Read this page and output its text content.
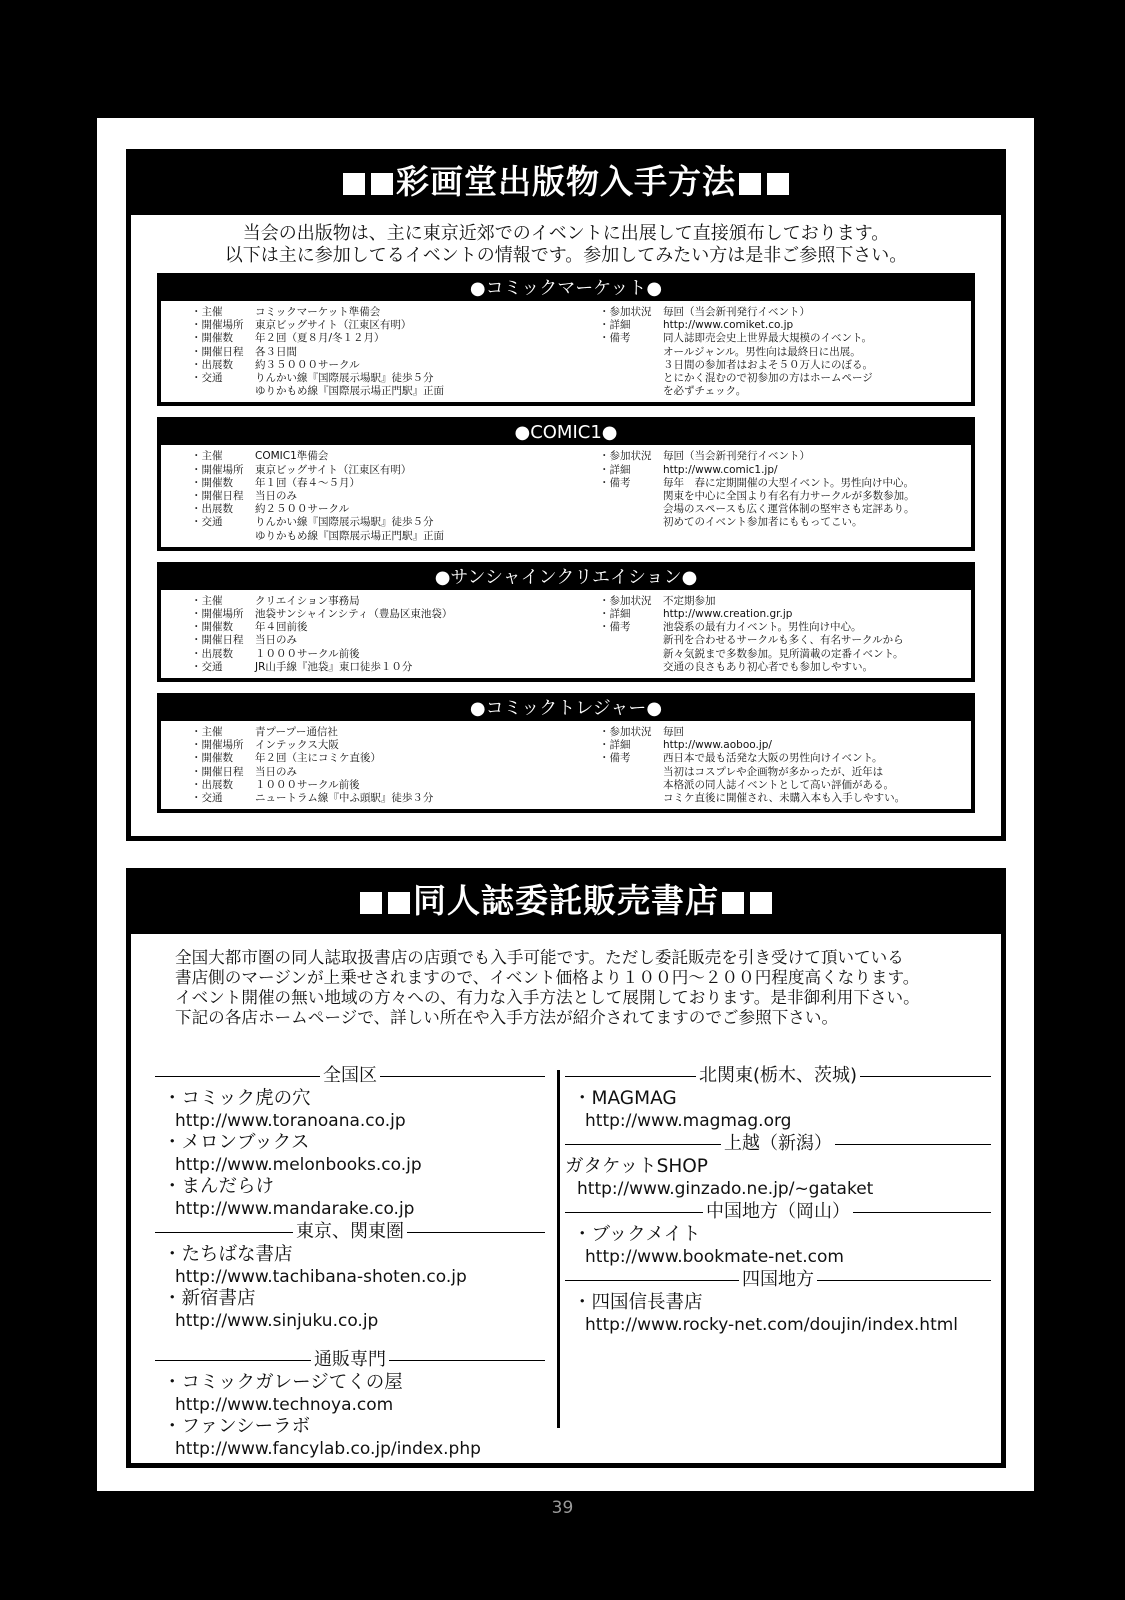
彩画堂出版物入手方法
当会の出版物は、主に東京近郊でのイベントに出展して直接頒布しております。
以下は主に参加してるイベントの情報です。参加してみたい方は是非ご参照下さい。
●コミックマーケット●
・ 主催	コミックマーケット準備会
・ 開催場所	東京ビッグサイト（江東区有明）
・ 開催数	年２回（夏８月/冬１２月）
・ 開催日程	各３日間
・ 出展数	約３５０００サークル
・ 交通	りんかい線『国際展示場駅』徒歩５分
ゆりかもめ線『国際展示場正門駅』正面
・ 参加状況	毎回（当会新刊発行イベント）
・ 詳細	http://www.comiket.co.jp
・ 備考	同人誌即売会史上世界最大規模のイベント。
オールジャンル。男性向は最終日に出展。
３日間の参加者はおよそ５０万人にのぼる。
とにかく混むので初参加の方はホームページ
を必ずチェック。
●COMIC1●
・ 主催	COMIC1準備会
・ 開催場所	東京ビッグサイト（江東区有明）
・ 開催数	年１回（春４～５月）
・ 開催日程	当日のみ
・ 出展数	約２５００サークル
・ 交通	りんかい線『国際展示場駅』徒歩５分
ゆりかもめ線『国際展示場正門駅』正面
・ 参加状況	毎回（当会新刊発行イベント）
・ 詳細	http://www.comic1.jp/
・ 備考	毎年　春に定期開催の大型イベント。男性向け中心。
関東を中心に全国より有名有力サークルが多数参加。
会場のスペースも広く運営体制の堅牢さも定評あり。
初めてのイベント参加者にももってこい。
●サンシャインクリエイション●
・ 主催	クリエイション事務局
・ 開催場所	池袋サンシャインシティ（豊島区東池袋）
・ 開催数	年４回前後
・ 開催日程	当日のみ
・ 出展数	１０００サークル前後
・ 交通	JR山手線『池袋』東口徒歩１０分
・ 参加状況	不定期参加
・ 詳細	http://www.creation.gr.jp
・ 備考	池袋系の最有力イベント。男性向け中心。
新刊を合わせるサークルも多く、有名サークルから
新々気鋭まで多数参加。見所満載の定番イベント。
交通の良さもあり初心者でも参加しやすい。
●コミックトレジャー●
・ 主催	青プープー通信社
・ 開催場所	インテックス大阪
・ 開催数	年２回（主にコミケ直後）
・ 開催日程	当日のみ
・ 出展数	１０００サークル前後
・ 交通	ニュートラム線『中ふ頭駅』徒歩３分
・ 参加状況	毎回
・ 詳細	http://www.aoboo.jp/
・ 備考	西日本で最も活発な大阪の男性向けイベント。
当初はコスプレや企画物が多かったが、近年は
本格派の同人誌イベントとして高い評価がある。
コミケ直後に開催され、未購入本も入手しやすい。
同人誌委託販売書店
全国大都市圏の同人誌取扱書店の店頭でも入手可能です。ただし委託販売を引き受けて頂いている
書店側のマージンが上乗せされますので、イベント価格より１００円～２００円程度高くなります。
イベント開催の無い地域の方々への、有力な入手方法として展開しております。是非御利用下さい。
下記の各店ホームページで、詳しい所在や入手方法が紹介されてますのでご参照下さい。
全国区
・ コミック虎の穴
http://www.toranoana.co.jp
・ メロンブックス
http://www.melonbooks.co.jp
・ まんだらけ
http://www.mandarake.co.jp
東京、関東圏
・ たちばな書店
http://www.tachibana-shoten.co.jp
・ 新宿書店
http://www.sinjuku.co.jp
通販専門
・ コミックガレージてくの屋
http://www.technoya.com
・ ファンシーラボ
http://www.fancylab.co.jp/index.php
北関東(栃木、茨城)
・ MAGMAG
http://www.magmag.org
上越（新潟）
ガタケットSHOP
http://www.ginzado.ne.jp/~gataket
中国地方（岡山）
・ ブックメイト
http://www.bookmate-net.com
四国地方
・ 四国信長書店
http://www.rocky-net.com/doujin/index.html
39
